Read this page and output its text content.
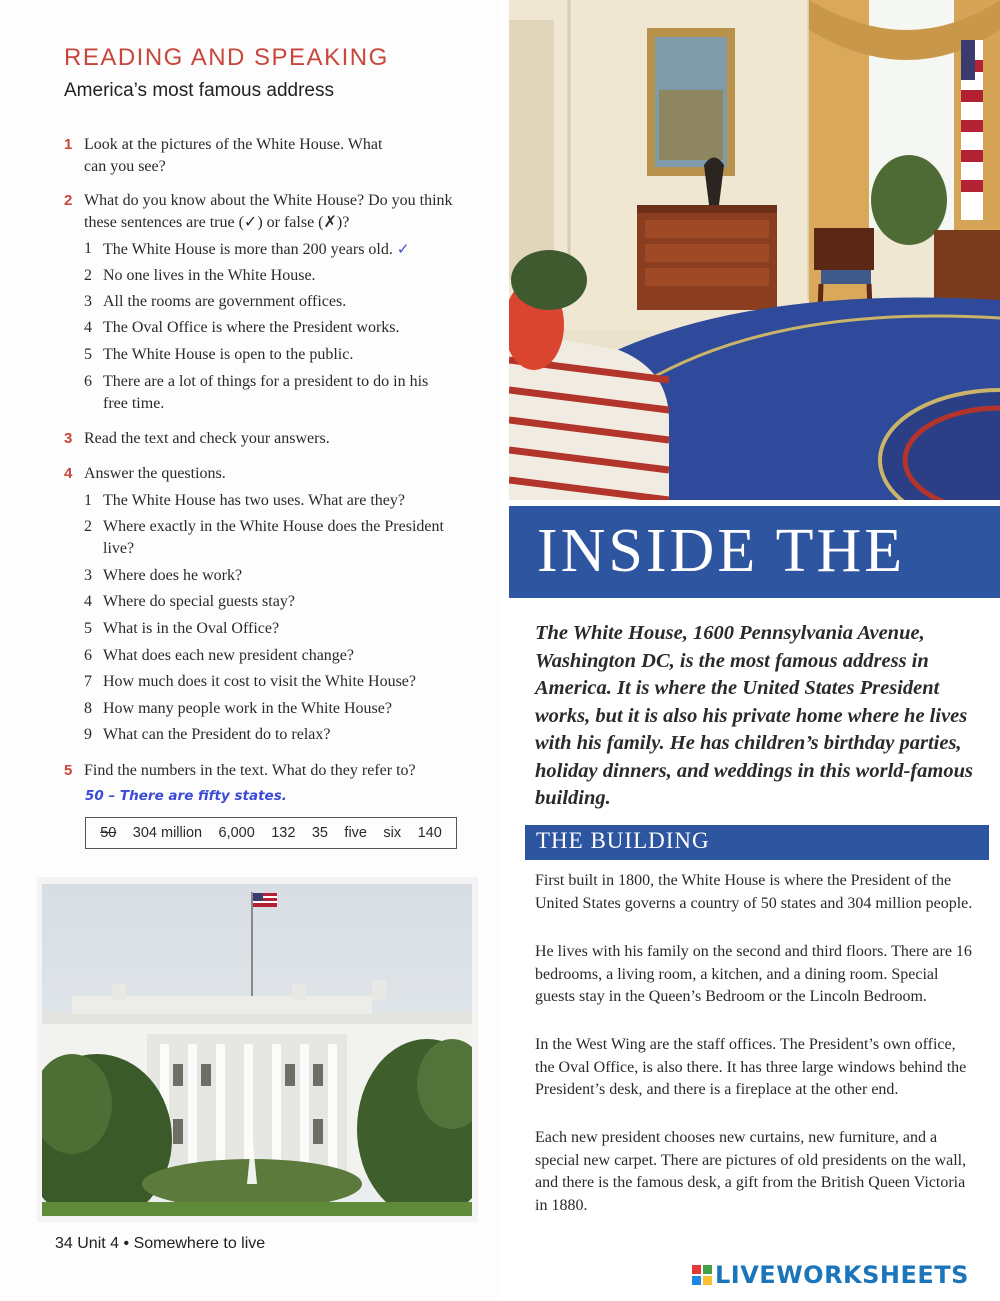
READING AND SPEAKING
America’s most famous address
1 Look at the pictures of the White House. What can you see?
2 What do you know about the White House? Do you think these sentences are true (✓) or false (✗)?
1 The White House is more than 200 years old. ✓
2 No one lives in the White House.
3 All the rooms are government offices.
4 The Oval Office is where the President works.
5 The White House is open to the public.
6 There are a lot of things for a president to do in his free time.
3 Read the text and check your answers.
4 Answer the questions.
1 The White House has two uses. What are they?
2 Where exactly in the White House does the President live?
3 Where does he work?
4 Where do special guests stay?
5 What is in the Oval Office?
6 What does each new president change?
7 How much does it cost to visit the White House?
8 How many people work in the White House?
9 What can the President do to relax?
5 Find the numbers in the text. What do they refer to?
50 – There are fifty states.
50 304 million 6,000 132 35 five six 140
34 Unit 4 • Somewhere to live
INSIDE THE
The White House, 1600 Pennsylvania Avenue, Washington DC, is the most famous address in America. It is where the United States President works, but it is also his private home where he lives with his family. He has children’s birthday parties, holiday dinners, and weddings in this world-famous building.
THE BUILDING
First built in 1800, the White House is where the President of the United States governs a country of 50 states and 304 million people.
He lives with his family on the second and third floors. There are 16 bedrooms, a living room, a kitchen, and a dining room. Special guests stay in the Queen’s Bedroom or the Lincoln Bedroom.
In the West Wing are the staff offices. The President’s own office, the Oval Office, is also there. It has three large windows behind the President’s desk, and there is a fireplace at the other end.
Each new president chooses new curtains, new furniture, and a special new carpet. There are pictures of old presidents on the wall, and there is the famous desk, a gift from the British Queen Victoria in 1880.
LIVEWORKSHEETS
